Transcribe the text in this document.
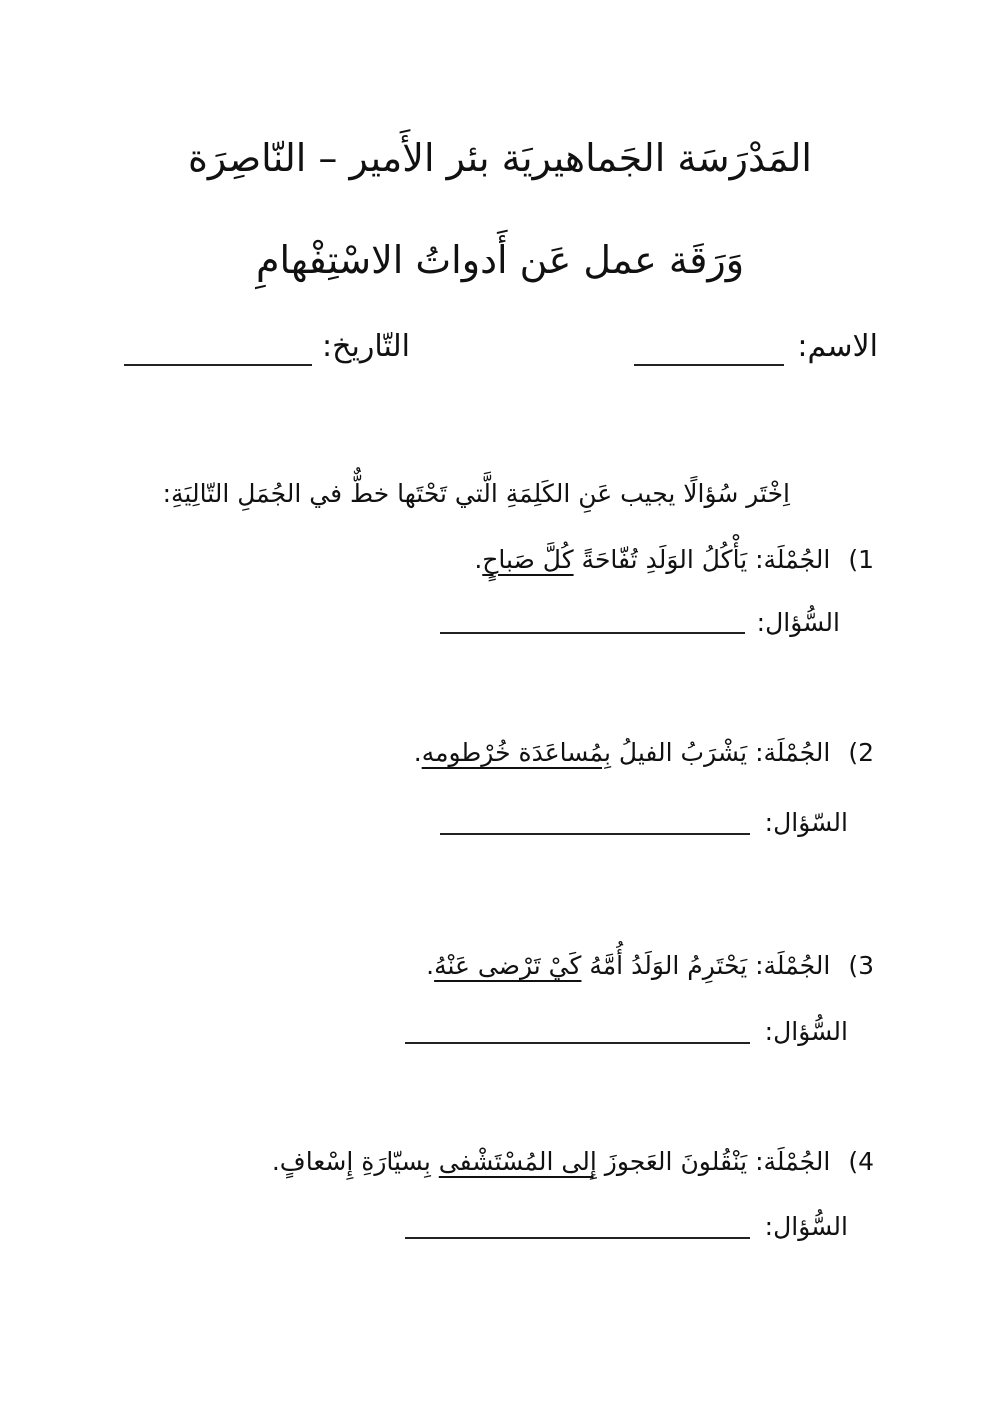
المَدْرَسَة الجَماهيريَة بئر الأَمير – النّاصِرَة
وَرَقَة عمل عَن أَدواتُ الاسْتِفْهامِ
الاسم:
التّاريخ:
اِخْتَر سُؤالًا يجيب عَنِ الكَلِمَةِ الَّتي تَحْتَها خطٌّ في الجُمَلِ التّالِيَةِ:
1) الجُمْلَة: يَأْكُلُ الوَلَدِ تُفّاحَةً كُلَّ صَباحٍ.
السُّؤال:
2) الجُمْلَة: يَشْرَبُ الفيلُ بِمُساعَدَة خُرْطومه.
السّؤال:
3) الجُمْلَة: يَحْتَرِمُ الوَلَدُ أُمَّهُ كَيْ تَرْضى عَنْهُ.
السُّؤال:
4) الجُمْلَة: يَنْقُلونَ العَجوزَ إِلى المُسْتَشْفى بِسيّارَةِ إِسْعافٍ.
السُّؤال:
